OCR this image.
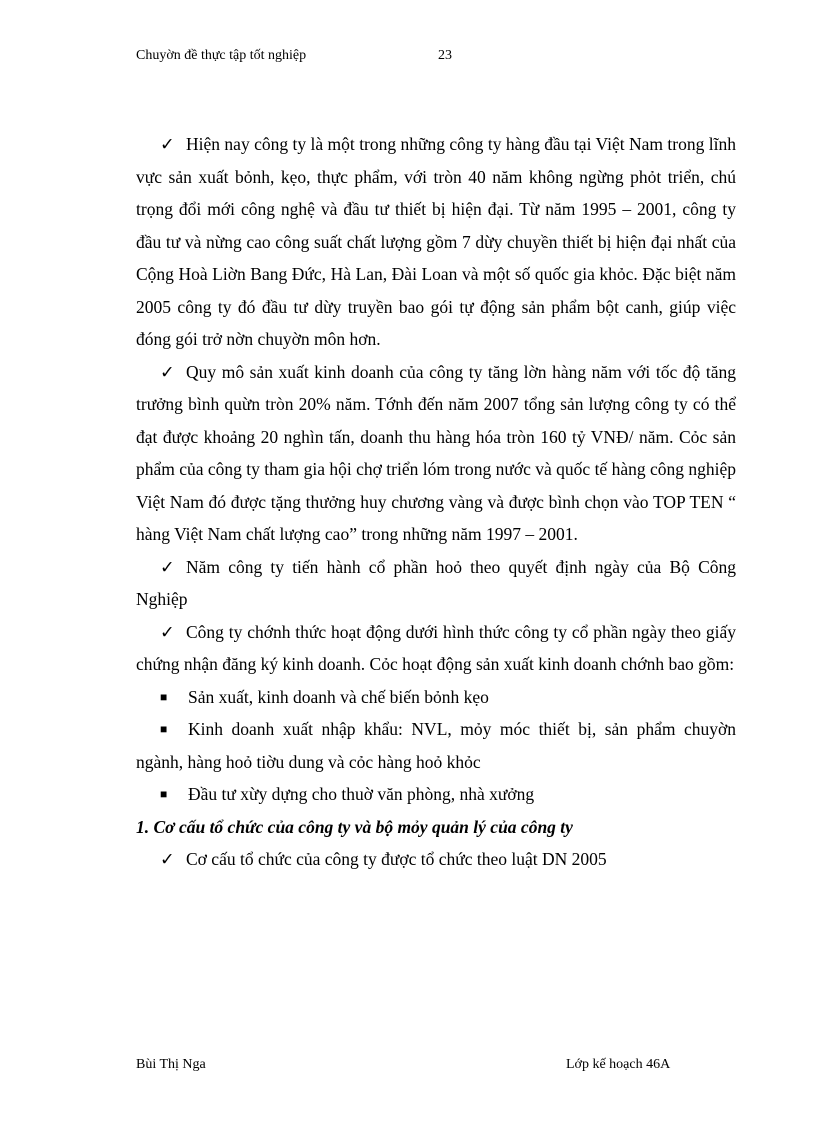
Chuyờn đề thực tập tốt nghiệp	23

✓ Hiện nay công ty là một trong những công ty hàng đầu tại Việt Nam trong lĩnh vực sản xuất bỏnh, kẹo, thực phẩm, với tròn 40 năm không ngừng phỏt triển, chú trọng đổi mới công nghệ và đầu tư thiết bị hiện đại. Từ năm 1995 – 2001, công ty đầu tư và nừng cao công suất chất lượng gồm 7 dừy chuyền thiết bị hiện đại nhất của Cộng Hoà Liờn Bang Đức, Hà Lan, Đài Loan và một số quốc gia khỏc. Đặc biệt năm 2005 công ty đó đầu tư dừy truyền bao gói tự động sản phẩm bột canh, giúp việc đóng gói trở nờn chuyờn môn hơn.

✓ Quy mô sản xuất kinh doanh của công ty tăng lờn hàng năm với tốc độ tăng trưởng bình quừn tròn 20% năm. Tớnh đến năm 2007 tổng sản lượng công ty có thể đạt được khoảng 20 nghìn tấn, doanh thu hàng hóa tròn 160 tỷ VNĐ/ năm. Cỏc sản phẩm của công ty tham gia hội chợ triển lóm trong nước và quốc tế hàng công nghiệp Việt Nam đó được tặng thưởng huy chương vàng và được bình chọn vào TOP TEN “ hàng Việt Nam chất lượng cao” trong những năm 1997 – 2001.

✓ Năm công ty tiến hành cổ phần hoỏ theo quyết định ngày của Bộ Công Nghiệp

✓ Công ty chớnh thức hoạt động dưới hình thức công ty cổ phần ngày theo giấy chứng nhận đăng ký kinh doanh. Cỏc hoạt động sản xuất kinh doanh chớnh bao gồm:

■ Sản xuất, kinh doanh và chế biến bỏnh kẹo

■ Kinh doanh xuất nhập khẩu: NVL, mỏy móc thiết bị, sản phẩm chuyờn ngành, hàng hoỏ tiờu dung và cỏc hàng hoỏ khỏc

■ Đầu tư xừy dựng cho thuờ văn phòng, nhà xưởng

1. Cơ cấu tổ chức của công ty và bộ mỏy quản lý của công ty

✓ Cơ cấu tổ chức của công ty được tổ chức theo luật DN 2005

Bùi Thị Nga	Lớp kế hoạch 46A
